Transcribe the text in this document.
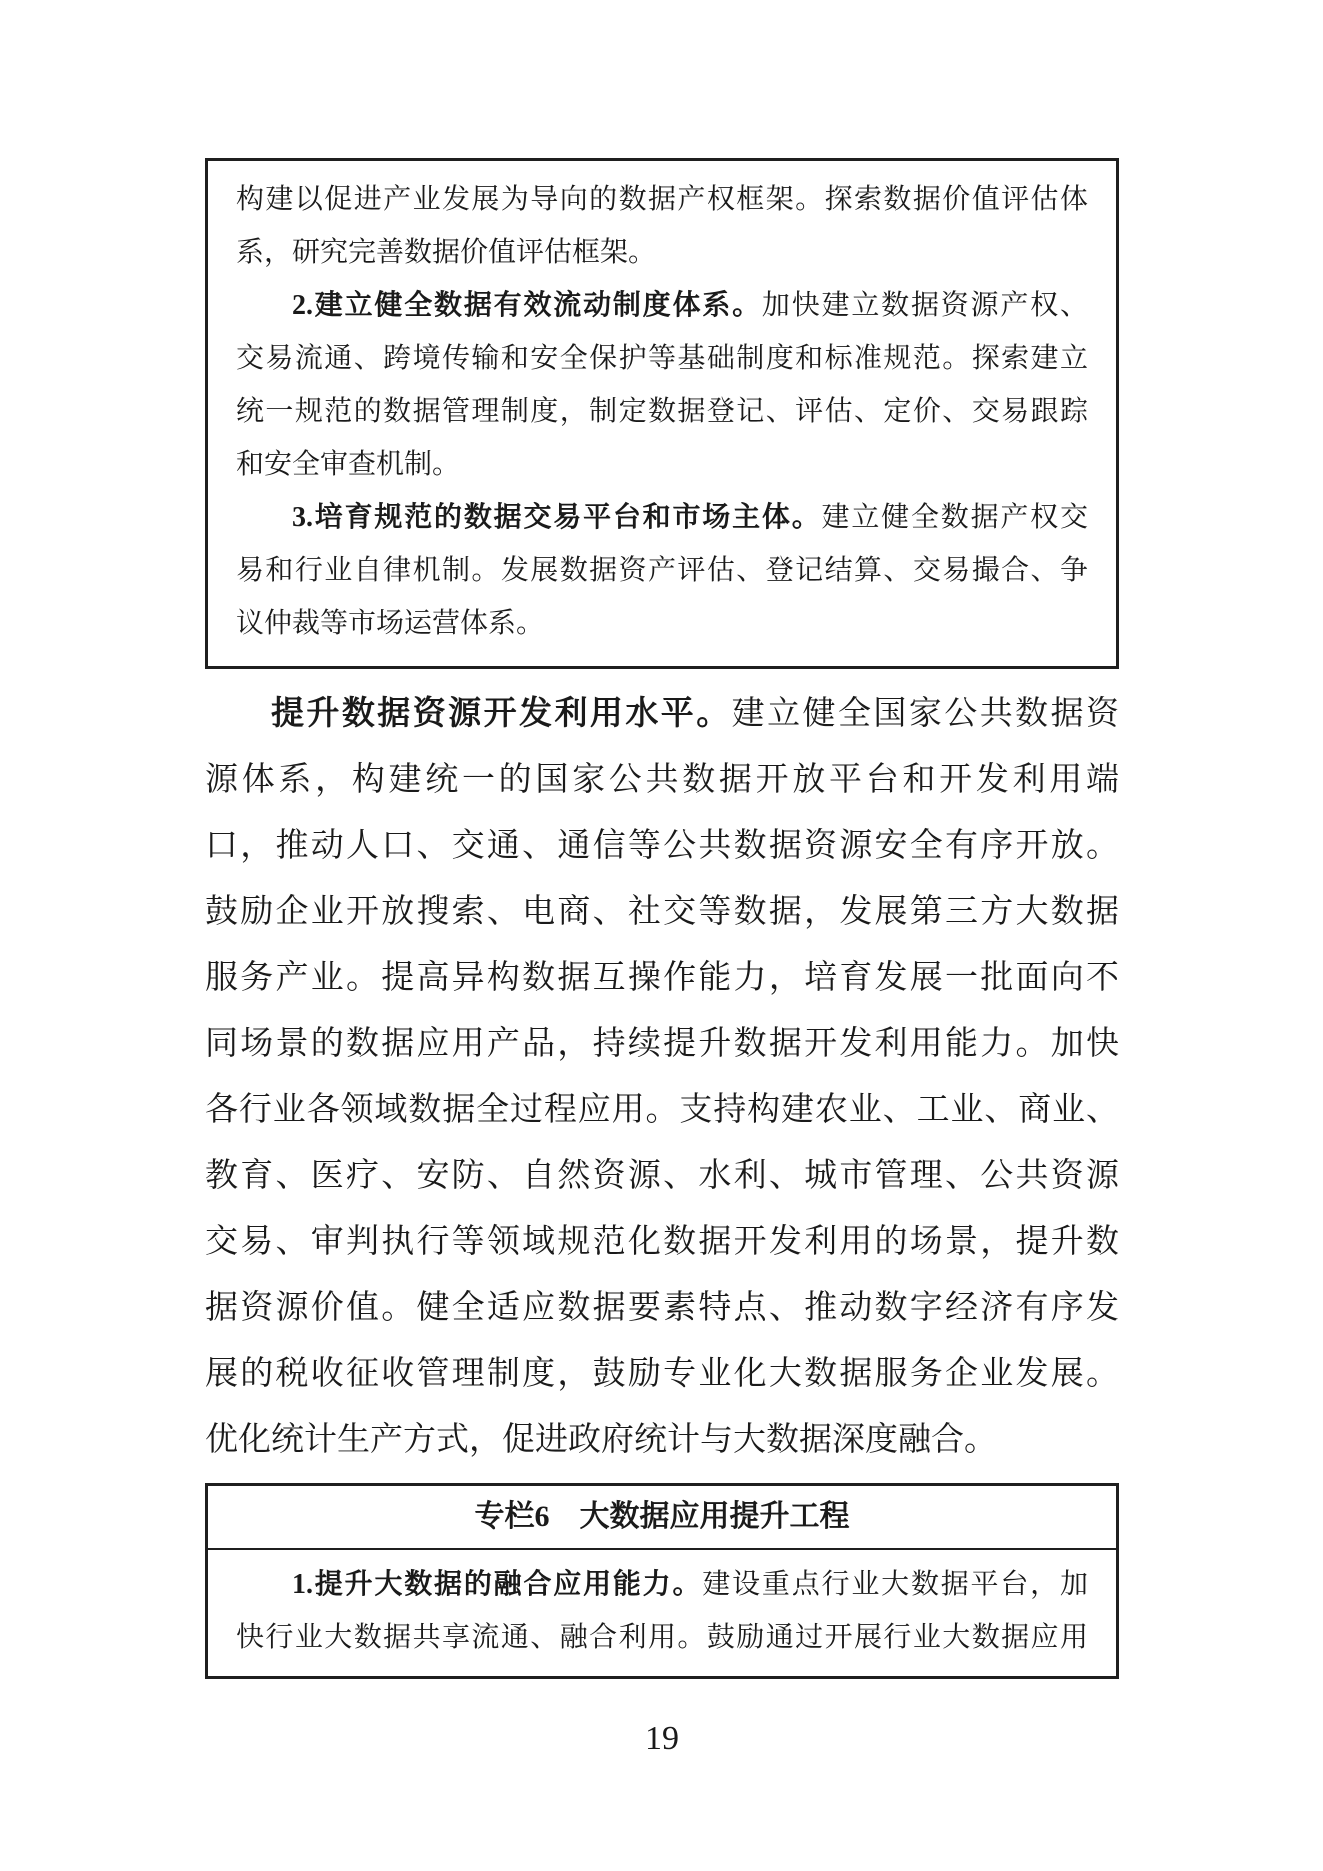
构建以促进产业发展为导向的数据产权框架。探索数据价值评估体
系，研究完善数据价值评估框架。
2.建立健全数据有效流动制度体系。加快建立数据资源产权、
交易流通、跨境传输和安全保护等基础制度和标准规范。探索建立
统一规范的数据管理制度，制定数据登记、评估、定价、交易跟踪
和安全审查机制。
3.培育规范的数据交易平台和市场主体。建立健全数据产权交
易和行业自律机制。发展数据资产评估、登记结算、交易撮合、争
议仲裁等市场运营体系。
提升数据资源开发利用水平。建立健全国家公共数据资
源体系，构建统一的国家公共数据开放平台和开发利用端
口，推动人口、交通、通信等公共数据资源安全有序开放。
鼓励企业开放搜索、电商、社交等数据，发展第三方大数据
服务产业。提高异构数据互操作能力，培育发展一批面向不
同场景的数据应用产品，持续提升数据开发利用能力。加快
各行业各领域数据全过程应用。支持构建农业、工业、商业、
教育、医疗、安防、自然资源、水利、城市管理、公共资源
交易、审判执行等领域规范化数据开发利用的场景，提升数
据资源价值。健全适应数据要素特点、推动数字经济有序发
展的税收征收管理制度，鼓励专业化大数据服务企业发展。
优化统计生产方式，促进政府统计与大数据深度融合。
专栏6　大数据应用提升工程
1.提升大数据的融合应用能力。建设重点行业大数据平台，加
快行业大数据共享流通、融合利用。鼓励通过开展行业大数据应用
19
